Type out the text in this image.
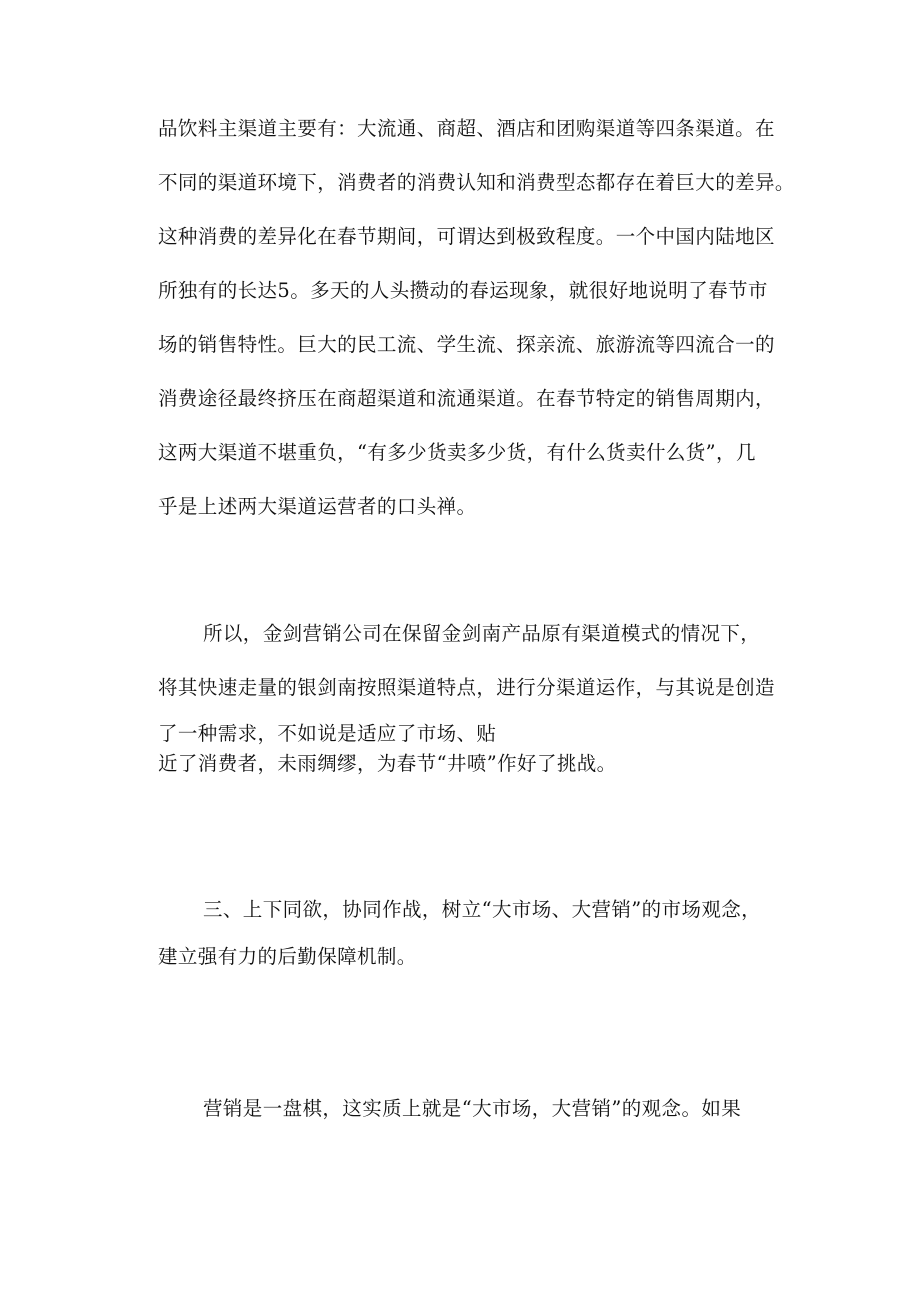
品饮料主渠道主要有：大流通、商超、酒店和团购渠道等四条渠道。在
不同的渠道环境下，消费者的消费认知和消费型态都存在着巨大的差异。
这种消费的差异化在春节期间，可谓达到极致程度。一个中国内陆地区
所独有的长达5。多天的人头攒动的春运现象，就很好地说明了春节市
场的销售特性。巨大的民工流、学生流、探亲流、旅游流等四流合一的
消费途径最终挤压在商超渠道和流通渠道。在春节特定的销售周期内，
这两大渠道不堪重负，“有多少货卖多少货，有什么货卖什么货”，几
乎是上述两大渠道运营者的口头禅。
所以，金剑营销公司在保留金剑南产品原有渠道模式的情况下，
将其快速走量的银剑南按照渠道特点，进行分渠道运作，与其说是创造
了一种需求，不如说是适应了市场、贴
近了消费者，未雨绸缪，为春节“井喷”作好了挑战。
三、上下同欲，协同作战，树立“大市场、大营销”的市场观念，
建立强有力的后勤保障机制。
营销是一盘棋，这实质上就是“大市场，大营销”的观念。如果
